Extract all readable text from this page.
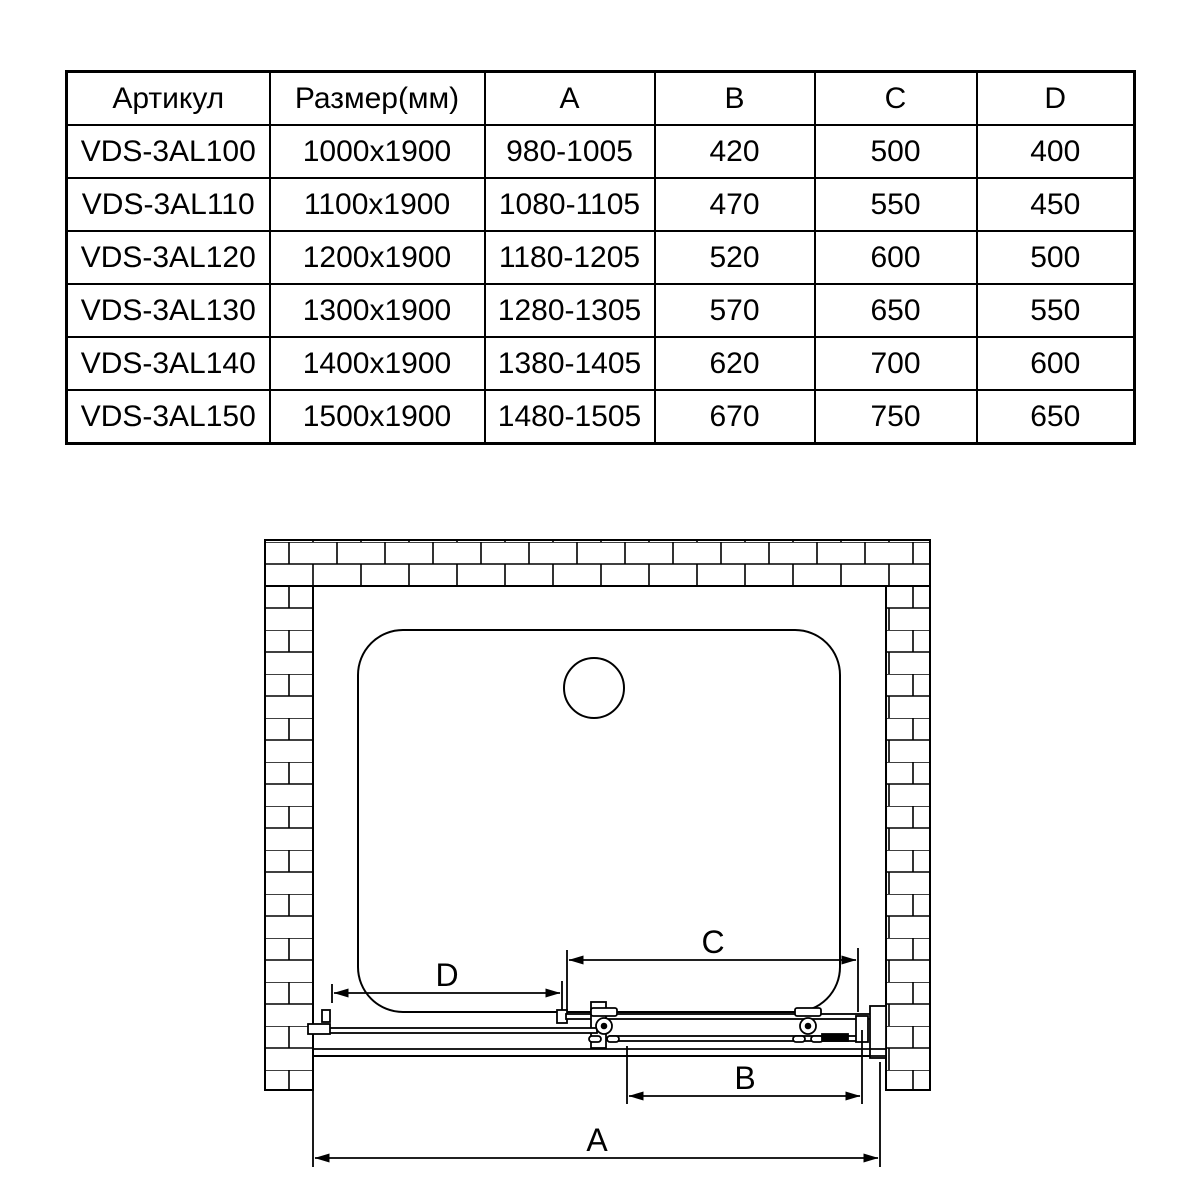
Артикул	Размер(мм)	A	B	C	D
VDS-3AL100	1000x1900	980-1005	420	500	400
VDS-3AL110	1100x1900	1080-1105	470	550	450
VDS-3AL120	1200x1900	1180-1205	520	600	500
VDS-3AL130	1300x1900	1280-1305	570	650	550
VDS-3AL140	1400x1900	1380-1405	620	700	600
VDS-3AL150	1500x1900	1480-1505	670	750	650
C
D
B
A
